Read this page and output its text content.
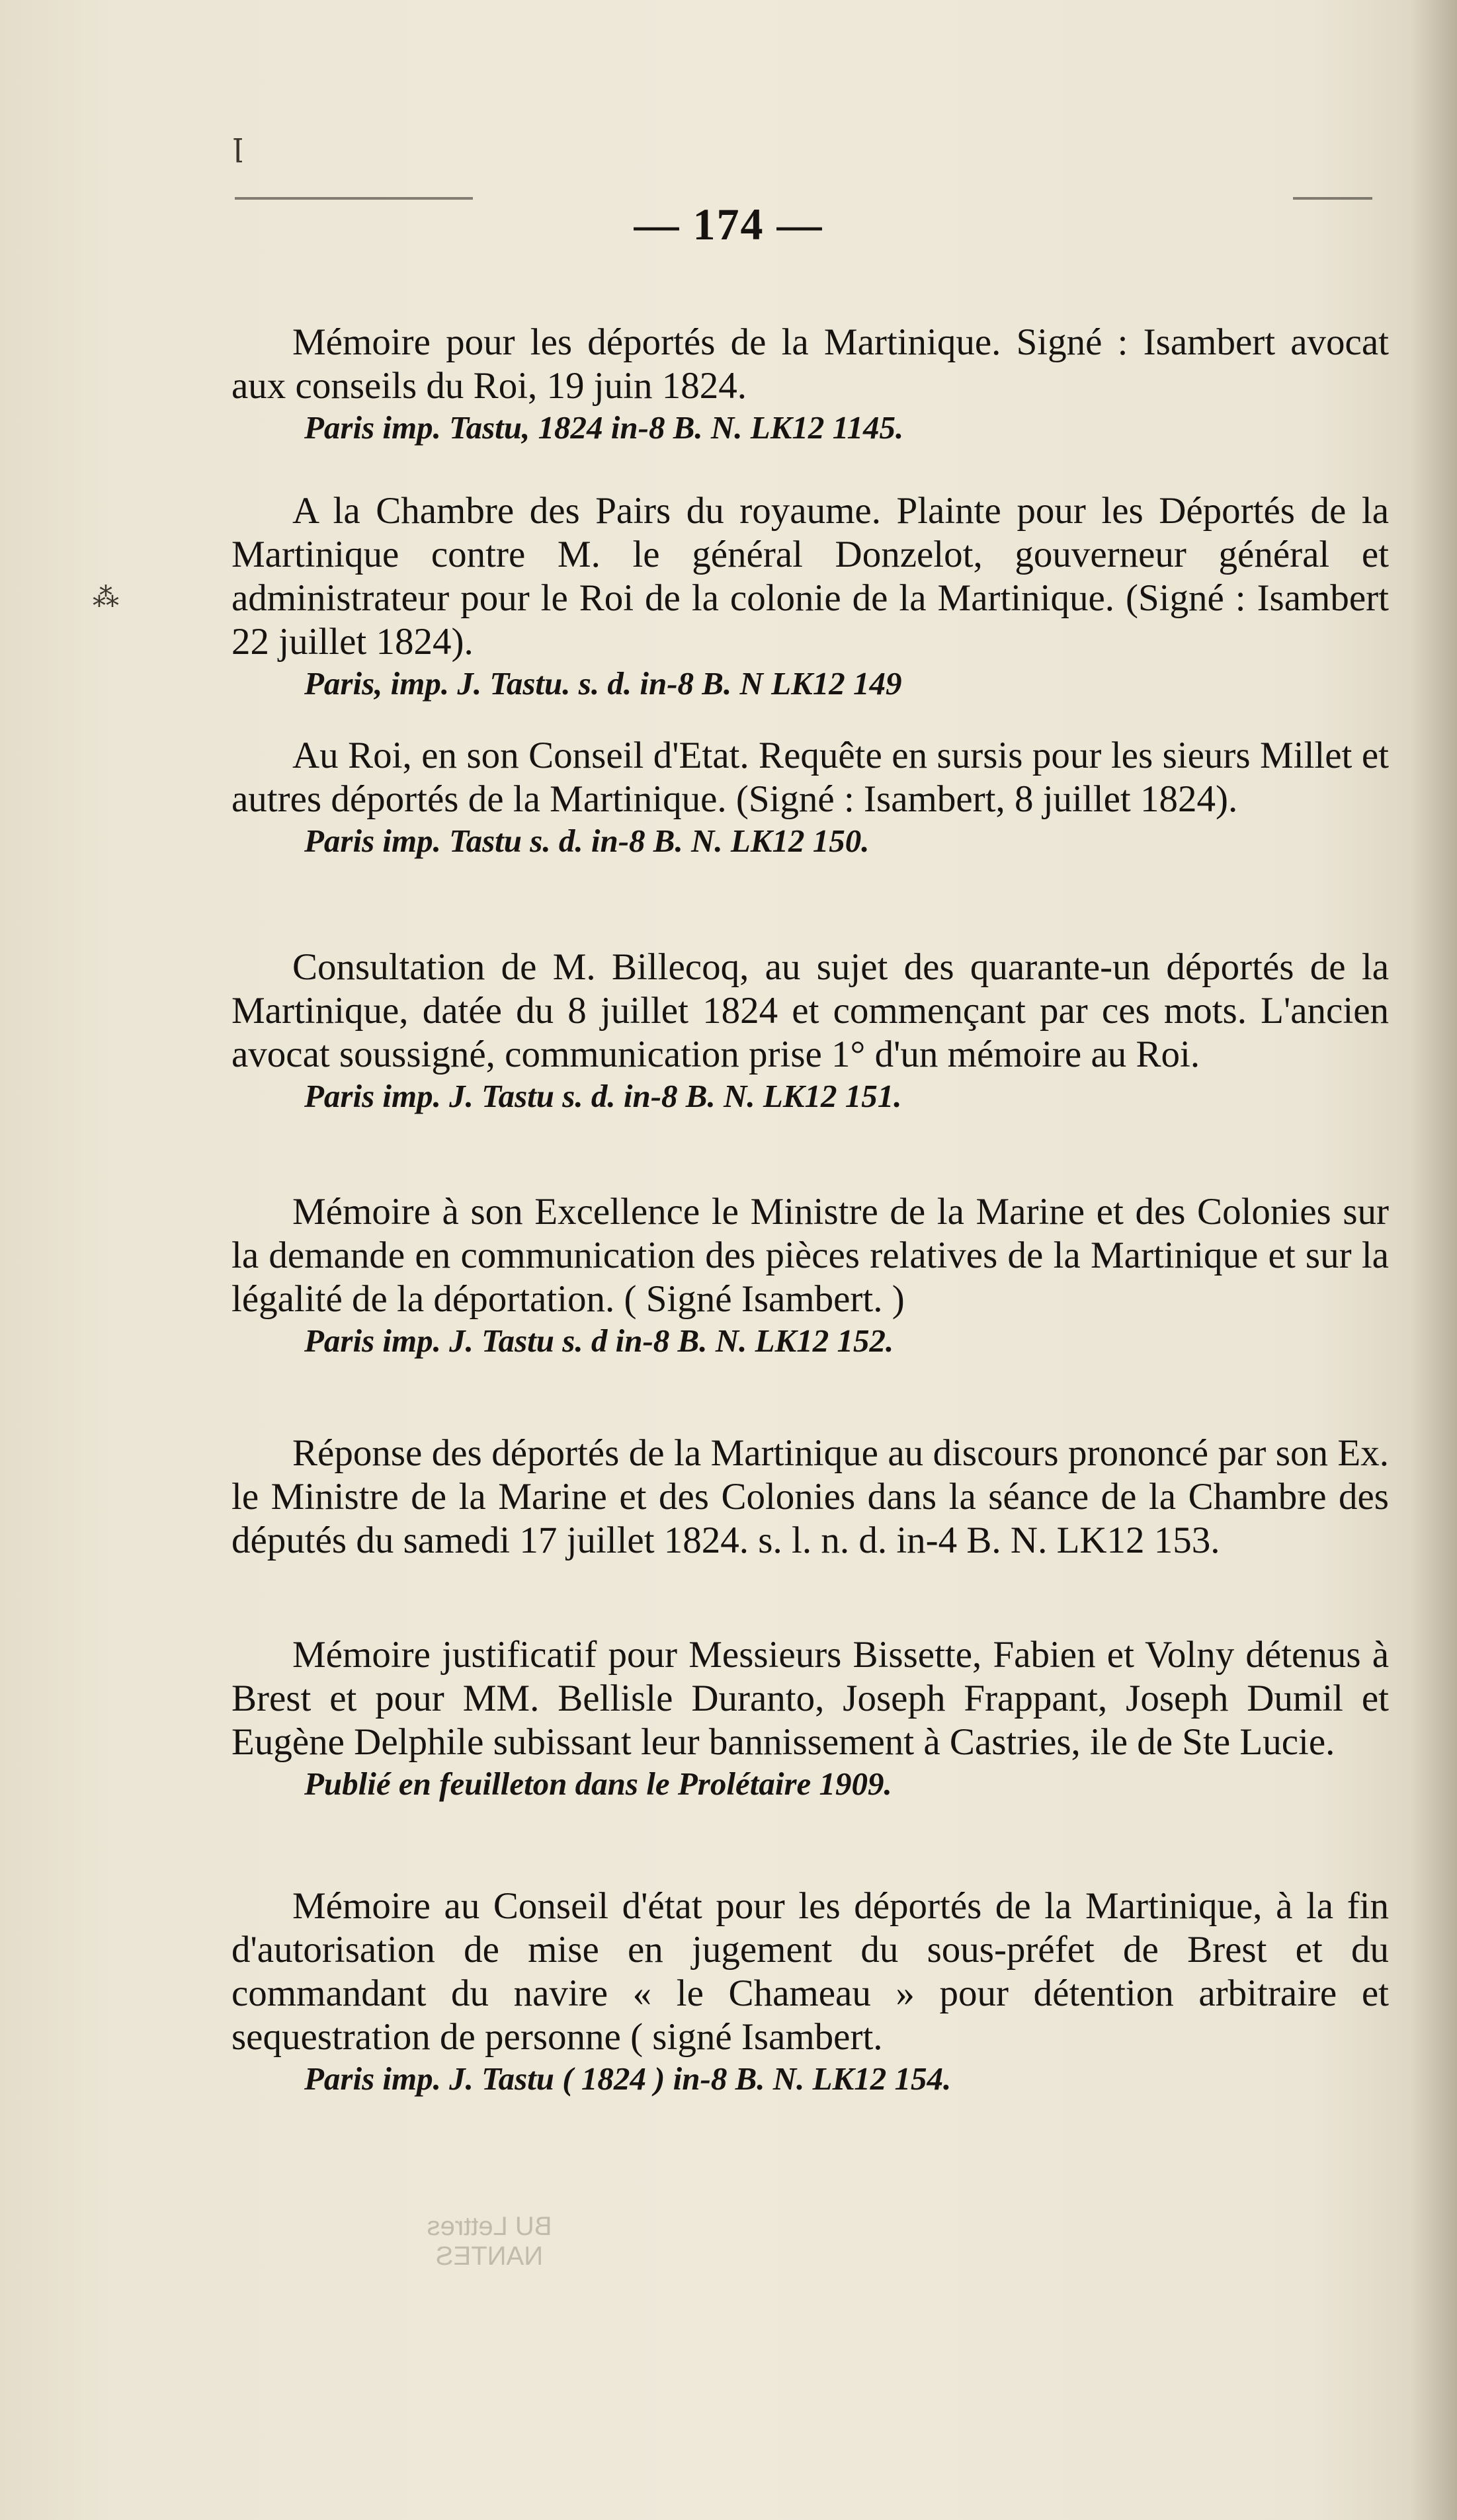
ꞁ
⁂
— 174 —

Mémoire pour les déportés de la Martinique. Signé : Isambert avocat aux conseils du Roi, 19 juin 1824.

Paris imp. Tastu, 1824 in-8 B. N. LK12 1145.

A la Chambre des Pairs du royaume. Plainte pour les Déportés de la Martinique contre M. le général Donzelot, gouverneur général et administrateur pour le Roi de la colonie de la Martinique. (Signé : Isambert 22 juillet 1824).

Paris, imp. J. Tastu. s. d. in-8 B. N LK12 149

Au Roi, en son Conseil d'Etat. Requête en sursis pour les sieurs Millet et autres déportés de la Martinique. (Signé : Isambert, 8 juillet 1824).

Paris imp. Tastu s. d. in-8 B. N. LK12 150.

Consultation de M. Billecoq, au sujet des quarante-un déportés de la Martinique, datée du 8 juillet 1824 et commençant par ces mots. L'ancien avocat soussigné, communication prise 1° d'un mémoire au Roi.

Paris imp. J. Tastu s. d. in-8 B. N. LK12 151.

Mémoire à son Excellence le Ministre de la Marine et des Colonies sur la demande en communication des pièces relatives de la Martinique et sur la légalité de la déportation. ( Signé Isambert. )

Paris imp. J. Tastu s. d in-8 B. N. LK12 152.

Réponse des déportés de la Martinique au discours prononcé par son Ex. le Ministre de la Marine et des Colonies dans la séance de la Chambre des députés du samedi 17 juillet 1824. s. l. n. d. in-4 B. N. LK12 153.

Mémoire justificatif pour Messieurs Bissette, Fabien et Volny détenus à Brest et pour MM. Bellisle Duranto, Joseph Frappant, Joseph Dumil et Eugène Delphile subissant leur bannissement à Castries, ile de Ste Lucie.

Publié en feuilleton dans le Prolétaire 1909.

Mémoire au Conseil d'état pour les déportés de la Martinique, à la fin d'autorisation de mise en jugement du sous-préfet de Brest et du commandant du navire « le Chameau » pour détention arbitraire et sequestration de personne ( signé Isambert.

Paris imp. J. Tastu ( 1824 ) in-8 B. N. LK12 154.

BU Lettres
NANTES
